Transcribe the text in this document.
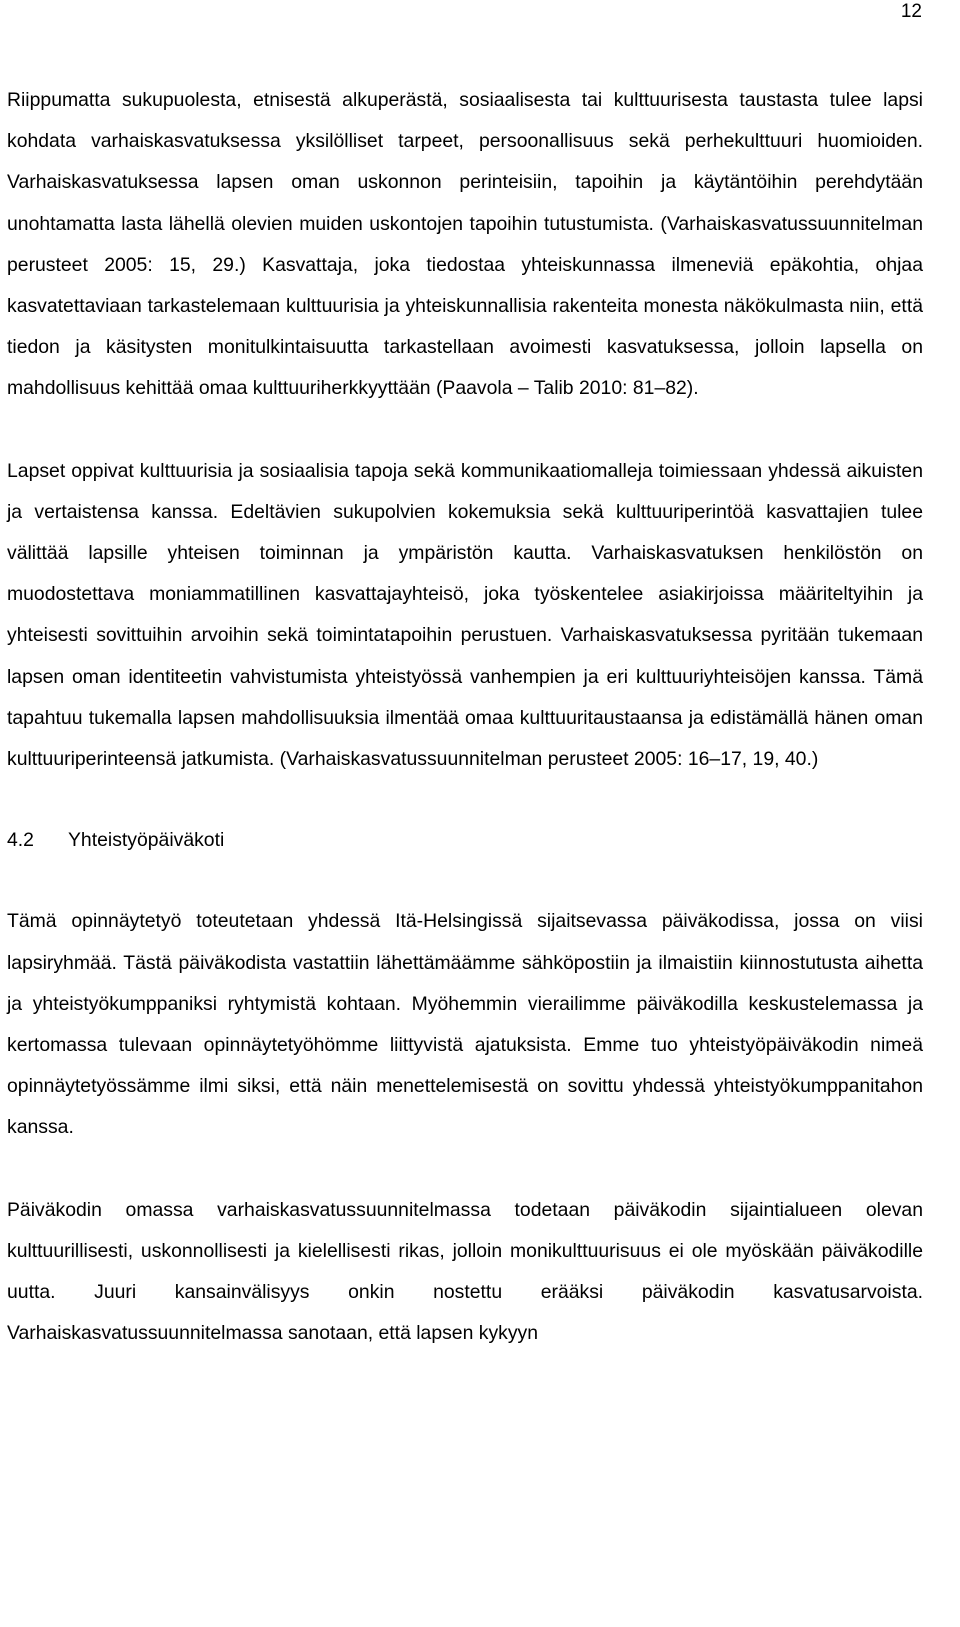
12

Riippumatta sukupuolesta, etnisestä alkuperästä, sosiaalisesta tai kulttuurisesta taustasta tulee lapsi kohdata varhaiskasvatuksessa yksilölliset tarpeet, persoonallisuus sekä perhekulttuuri huomioiden. Varhaiskasvatuksessa lapsen oman uskonnon perinteisiin, tapoihin ja käytäntöihin perehdytään unohtamatta lasta lähellä olevien muiden uskontojen tapoihin tutustumista. (Varhaiskasvatussuunnitelman perusteet 2005: 15, 29.) Kasvattaja, joka tiedostaa yhteiskunnassa ilmeneviä epäkohtia, ohjaa kasvatettaviaan tarkastelemaan kulttuurisia ja yhteiskunnallisia rakenteita monesta näkökulmasta niin, että tiedon ja käsitysten monitulkintaisuutta tarkastellaan avoimesti kasvatuksessa, jolloin lapsella on mahdollisuus kehittää omaa kulttuuriherkkyyttään (Paavola – Talib 2010: 81–82).

Lapset oppivat kulttuurisia ja sosiaalisia tapoja sekä kommunikaatiomalleja toimiessaan yhdessä aikuisten ja vertaistensa kanssa. Edeltävien sukupolvien kokemuksia sekä kulttuuriperintöä kasvattajien tulee välittää lapsille yhteisen toiminnan ja ympäristön kautta. Varhaiskasvatuksen henkilöstön on muodostettava moniammatillinen kasvattajayhteisö, joka työskentelee asiakirjoissa määriteltyihin ja yhteisesti sovittuihin arvoihin sekä toimintatapoihin perustuen. Varhaiskasvatuksessa pyritään tukemaan lapsen oman identiteetin vahvistumista yhteistyössä vanhempien ja eri kulttuuriyhteisöjen kanssa. Tämä tapahtuu tukemalla lapsen mahdollisuuksia ilmentää omaa kulttuuritaustaansa ja edistämällä hänen oman kulttuuriperinteensä jatkumista. (Varhaiskasvatussuunnitelman perusteet 2005: 16–17, 19, 40.)

4.2 Yhteistyöpäiväkoti

Tämä opinnäytetyö toteutetaan yhdessä Itä-Helsingissä sijaitsevassa päiväkodissa, jossa on viisi lapsiryhmää. Tästä päiväkodista vastattiin lähettämäämme sähköpostiin ja ilmaistiin kiinnostutusta aihetta ja yhteistyökumppaniksi ryhtymistä kohtaan. Myöhemmin vierailimme päiväkodilla keskustelemassa ja kertomassa tulevaan opinnäytetyöhömme liittyvistä ajatuksista. Emme tuo yhteistyöpäiväkodin nimeä opinnäytetyössämme ilmi siksi, että näin menettelemisestä on sovittu yhdessä yhteistyökumppanitahon kanssa.

Päiväkodin omassa varhaiskasvatussuunnitelmassa todetaan päiväkodin sijaintialueen olevan kulttuurillisesti, uskonnollisesti ja kielellisesti rikas, jolloin monikulttuurisuus ei ole myöskään päiväkodille uutta. Juuri kansainvälisyys onkin nostettu erääksi päiväkodin kasvatusarvoista. Varhaiskasvatussuunnitelmassa sanotaan, että lapsen kykyyn
